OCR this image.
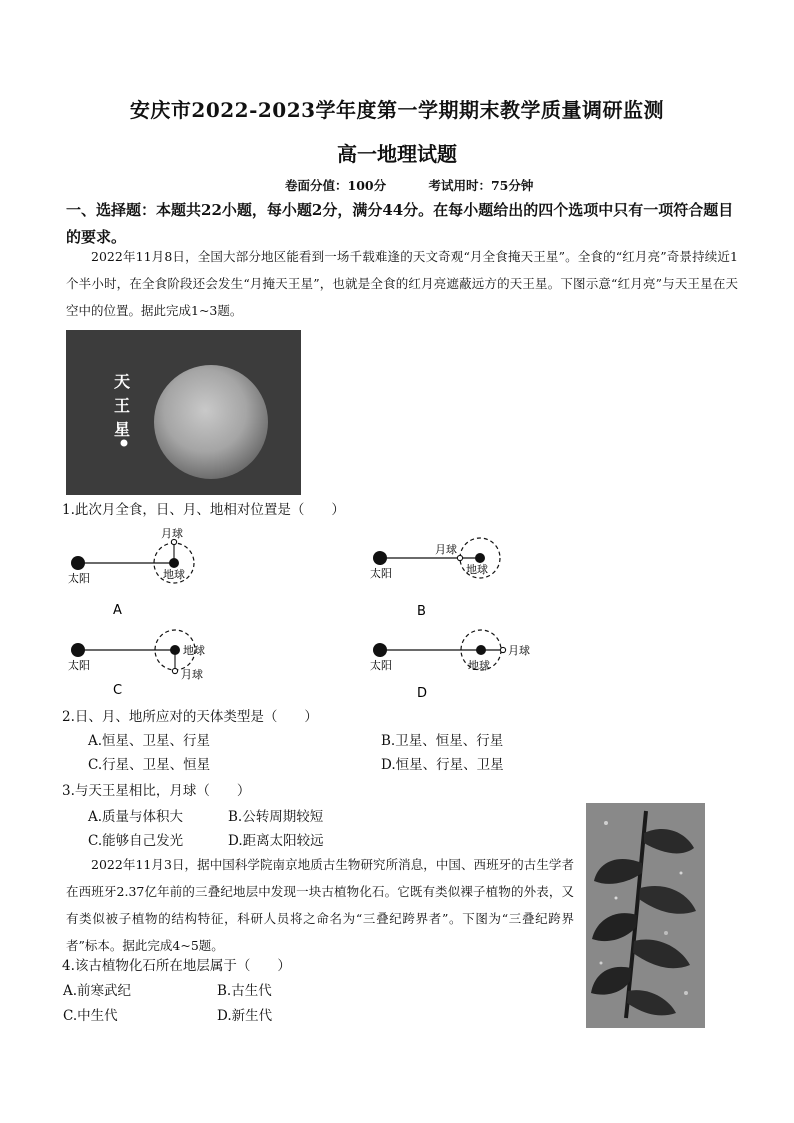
安庆市2022-2023学年度第一学期期末教学质量调研监测
高一地理试题
卷面分值：100分	考试用时：75分钟
一、选择题：本题共22小题，每小题2分，满分44分。在每小题给出的四个选项中只有一项符合题目的要求。
2022年11月8日，全国大部分地区能看到一场千载难逢的天文奇观“月全食掩天王星”。全食的“红月亮”奇景持续近1个半小时，在全食阶段还会发生“月掩天王星”，也就是全食的红月亮遮蔽远方的天王星。下图示意“红月亮”与天王星在天空中的位置。据此完成1~3题。
天
王
星
1.此次月全食，日、月、地相对位置是（　　）
太阳
月球
地球
A
太阳
月球
地球
B
太阳
地球
月球
C
太阳	地球
月球
D
2.日、月、地所应对的天体类型是（　　）
A.恒星、卫星、行星	B.卫星、恒星、行星
C.行星、卫星、恒星	D.恒星、行星、卫星
3.与天王星相比，月球（　　）
A.质量与体积大	B.公转周期较短
C.能够自己发光	D.距离太阳较远
2022年11月3日，据中国科学院南京地质古生物研究所消息，中国、西班牙的古生学者在西班牙2.37亿年前的三叠纪地层中发现一块古植物化石。它既有类似裸子植物的外表，又有类似被子植物的结构特征，科研人员将之命名为“三叠纪跨界者”。下图为“三叠纪跨界者”标本。据此完成4~5题。
4.该古植物化石所在地层属于（　　）
A.前寒武纪	B.古生代
C.中生代	D.新生代
